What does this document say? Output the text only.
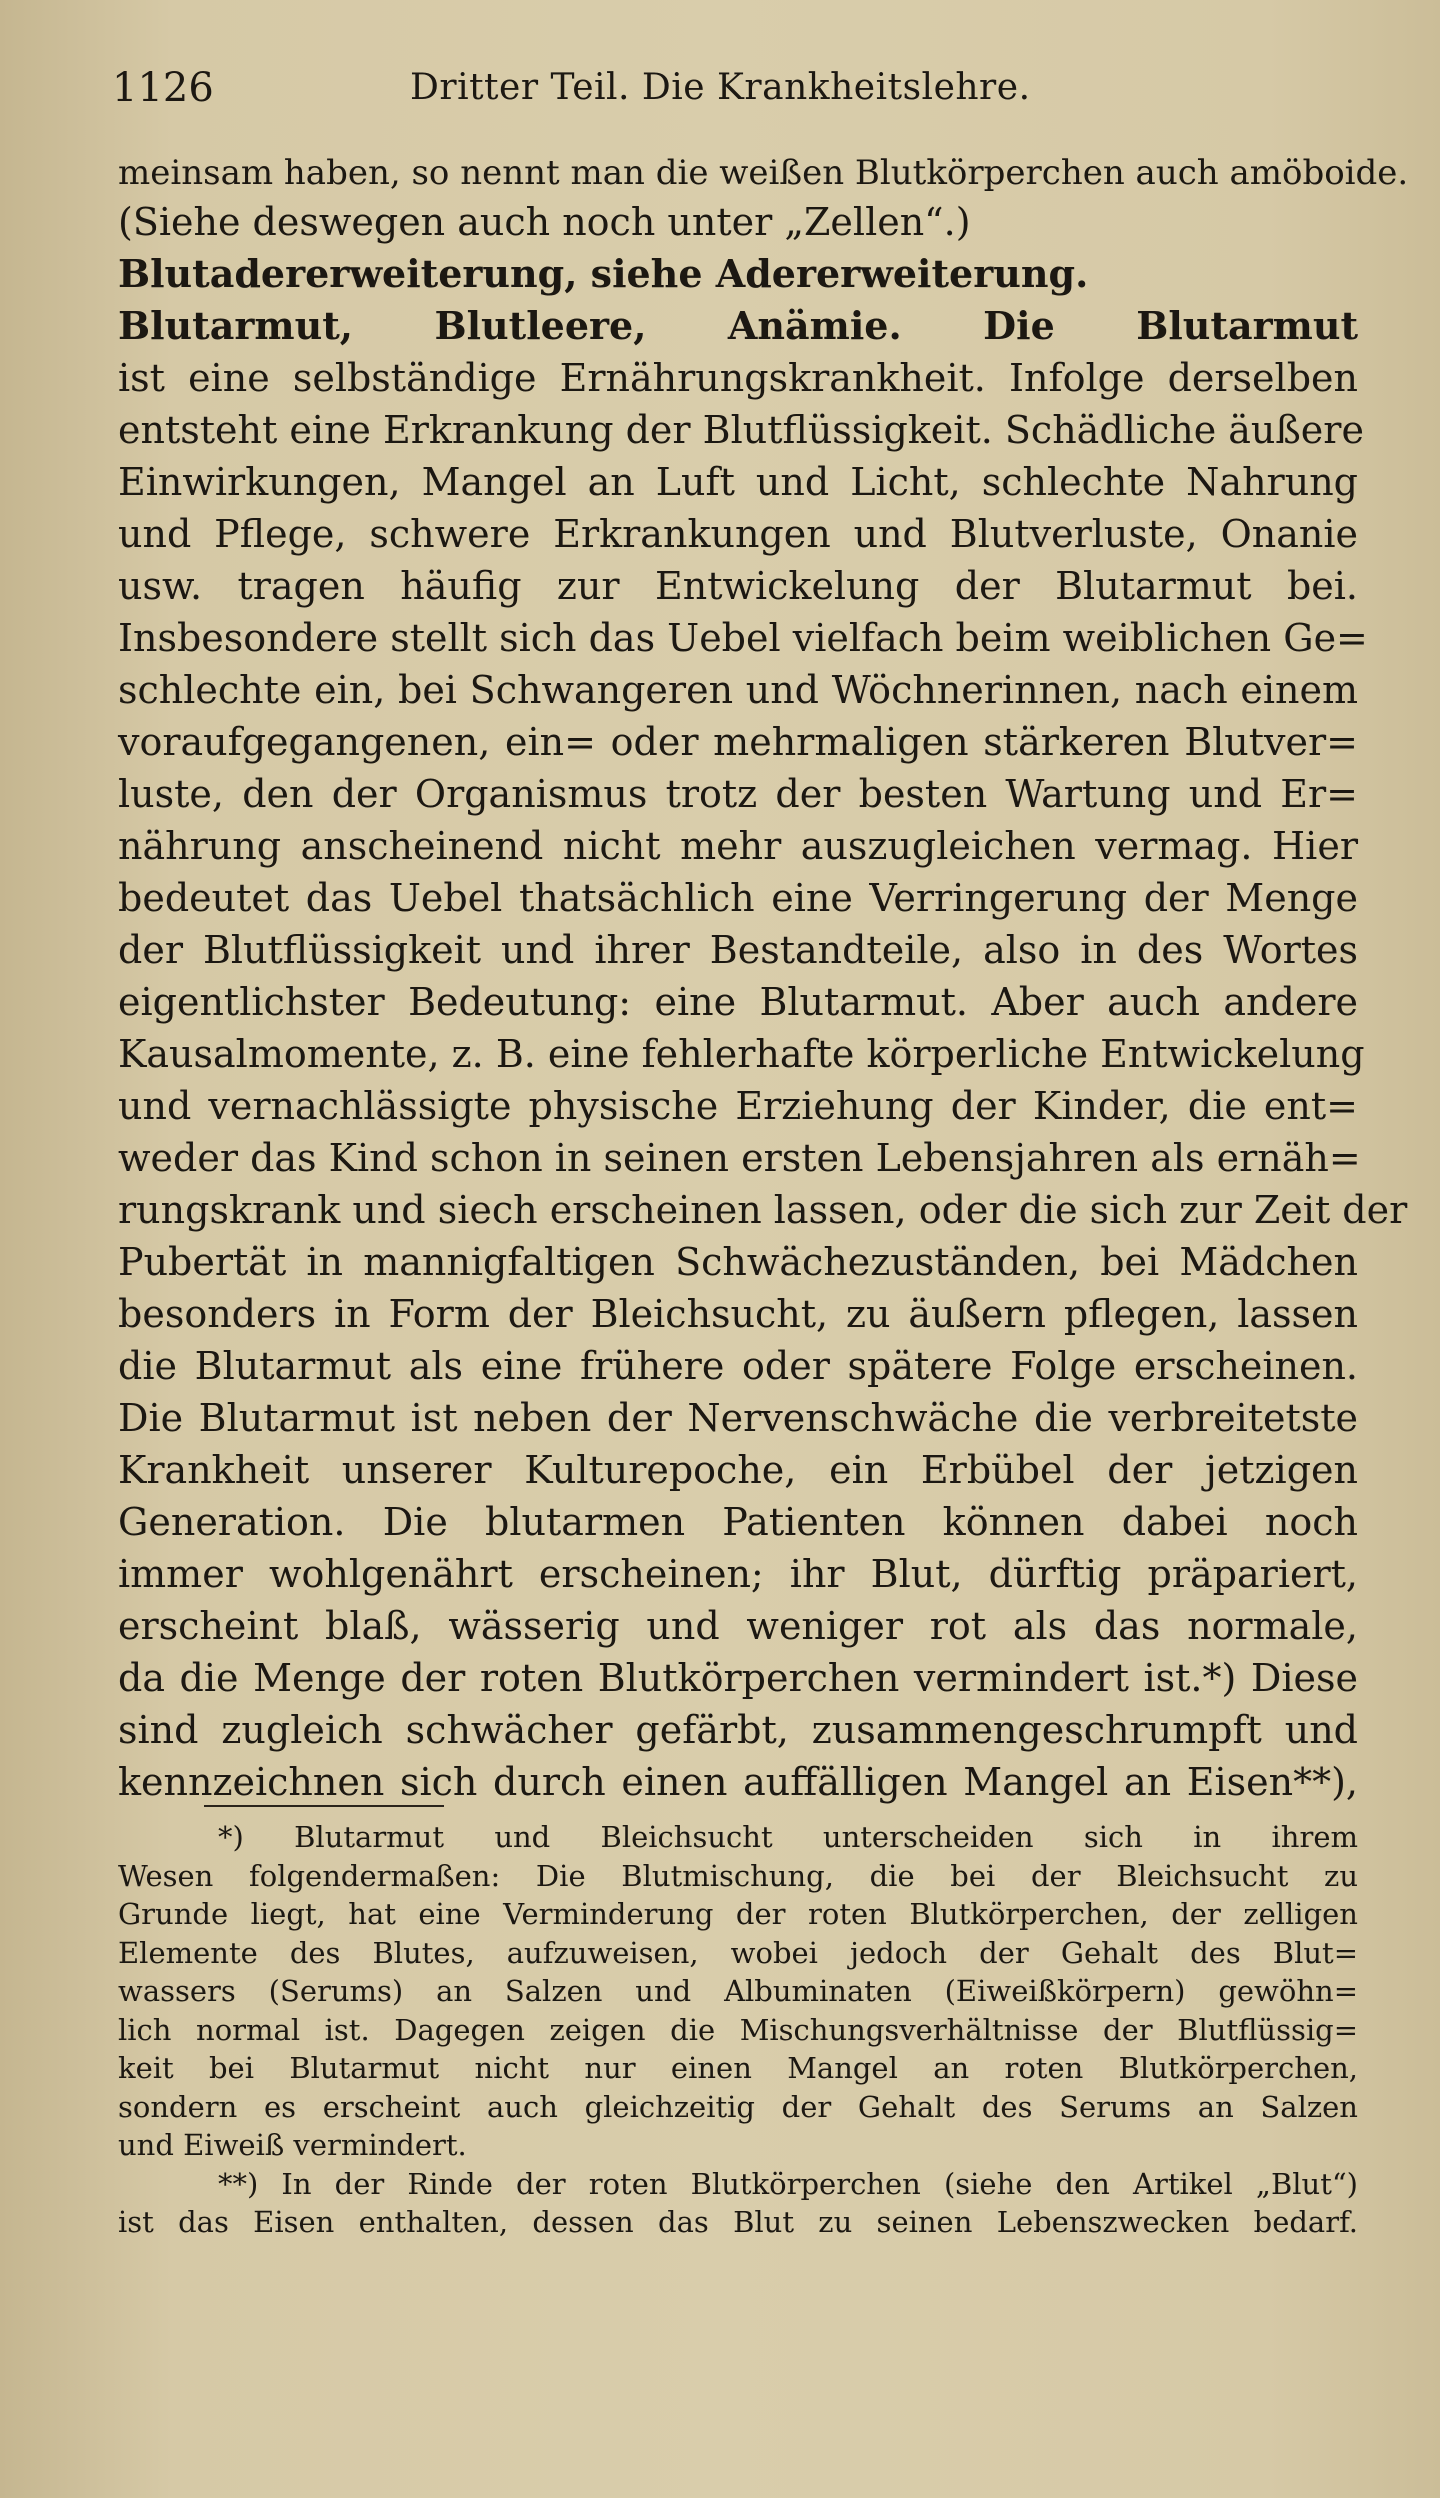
1126	Dritter Teil. Die Krankheitslehre.
meinsam haben, so nennt man die weißen Blutkörperchen auch amöboide.
(Siehe deswegen auch noch unter „Zellen“.)
Blutadererweiterung, siehe Adererweiterung.
Blutarmut, Blutleere, Anämie. Die Blutarmut
ist eine selbständige Ernährungskrankheit. Infolge derselben
entsteht eine Erkrankung der Blutflüssigkeit. Schädliche äußere
Einwirkungen, Mangel an Luft und Licht, schlechte Nahrung
und Pflege, schwere Erkrankungen und Blutverluste, Onanie
usw. tragen häufig zur Entwickelung der Blutarmut bei.
Insbesondere stellt sich das Uebel vielfach beim weiblichen Ge=
schlechte ein, bei Schwangeren und Wöchnerinnen, nach einem
voraufgegangenen, ein= oder mehrmaligen stärkeren Blutver=
luste, den der Organismus trotz der besten Wartung und Er=
nährung anscheinend nicht mehr auszugleichen vermag. Hier
bedeutet das Uebel thatsächlich eine Verringerung der Menge
der Blutflüssigkeit und ihrer Bestandteile, also in des Wortes
eigentlichster Bedeutung: eine Blutarmut. Aber auch andere
Kausalmomente, z. B. eine fehlerhafte körperliche Entwickelung
und vernachlässigte physische Erziehung der Kinder, die ent=
weder das Kind schon in seinen ersten Lebensjahren als ernäh=
rungskrank und siech erscheinen lassen, oder die sich zur Zeit der
Pubertät in mannigfaltigen Schwächezuständen, bei Mädchen
besonders in Form der Bleichsucht, zu äußern pflegen, lassen
die Blutarmut als eine frühere oder spätere Folge erscheinen.
Die Blutarmut ist neben der Nervenschwäche die verbreitetste
Krankheit unserer Kulturepoche, ein Erbübel der jetzigen
Generation. Die blutarmen Patienten können dabei noch
immer wohlgenährt erscheinen; ihr Blut, dürftig präpariert,
erscheint blaß, wässerig und weniger rot als das normale,
da die Menge der roten Blutkörperchen vermindert ist.*) Diese
sind zugleich schwächer gefärbt, zusammengeschrumpft und
kennzeichnen sich durch einen auffälligen Mangel an Eisen**),
*) Blutarmut und Bleichsucht unterscheiden sich in ihrem
Wesen folgendermaßen: Die Blutmischung, die bei der Bleichsucht zu
Grunde liegt, hat eine Verminderung der roten Blutkörperchen, der zelligen
Elemente des Blutes, aufzuweisen, wobei jedoch der Gehalt des Blut=
wassers (Serums) an Salzen und Albuminaten (Eiweißkörpern) gewöhn=
lich normal ist. Dagegen zeigen die Mischungsverhältnisse der Blutflüssig=
keit bei Blutarmut nicht nur einen Mangel an roten Blutkörperchen,
sondern es erscheint auch gleichzeitig der Gehalt des Serums an Salzen
und Eiweiß vermindert.
**) In der Rinde der roten Blutkörperchen (siehe den Artikel „Blut“)
ist das Eisen enthalten, dessen das Blut zu seinen Lebenszwecken bedarf.
